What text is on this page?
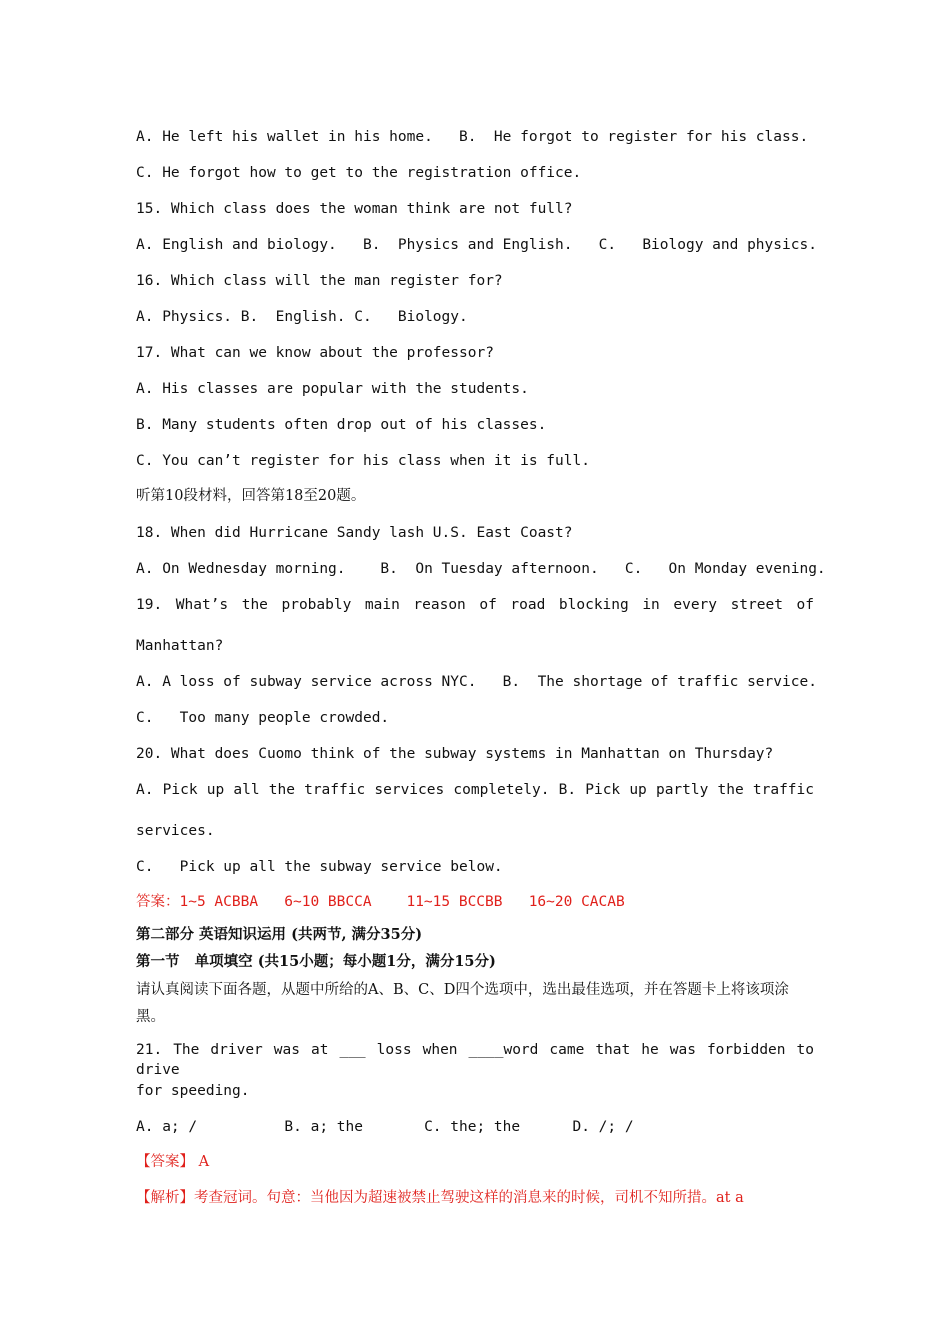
A. He left his wallet in his home.   B.  He forgot to register for his class.
C. He forgot how to get to the registration office.
15. Which class does the woman think are not full?
A. English and biology.   B.  Physics and English.   C.   Biology and physics.
16. Which class will the man register for?
A. Physics. B.  English. C.   Biology.
17. What can we know about the professor?
A. His classes are popular with the students.
B. Many students often drop out of his classes.
C. You can’t register for his class when it is full.
听第10段材料，回答第18至20题。
18. When did Hurricane Sandy lash U.S. East Coast?
A. On Wednesday morning.    B.  On Tuesday afternoon.   C.   On Monday evening.
19. What’s the probably main reason of road blocking in every street of
Manhattan?
A. A loss of subway service across NYC.   B.  The shortage of traffic service.
C.   Too many people crowded.
20. What does Cuomo think of the subway systems in Manhattan on Thursday?
A. Pick up all the traffic services completely. B. Pick up partly the traffic
services.
C.   Pick up all the subway service below.
答案：1~5 ACBBA   6~10 BBCCA    11~15 BCCBB   16~20 CACAB
第二部分 英语知识运用 (共两节, 满分35分)
第一节   单项填空 (共15小题；每小题1分，满分15分)
请认真阅读下面各题，从题中所给的A、B、C、D四个选项中，选出最佳选项，并在答题卡上将该项涂黑。
21. The driver was at ___ loss when ____word came that he was forbidden to drive
for speeding.
A. a; /          B. a; the       C. the; the      D. /; /
【答案】 A
【解析】考查冠词。句意：当他因为超速被禁止驾驶这样的消息来的时候，司机不知所措。at a
